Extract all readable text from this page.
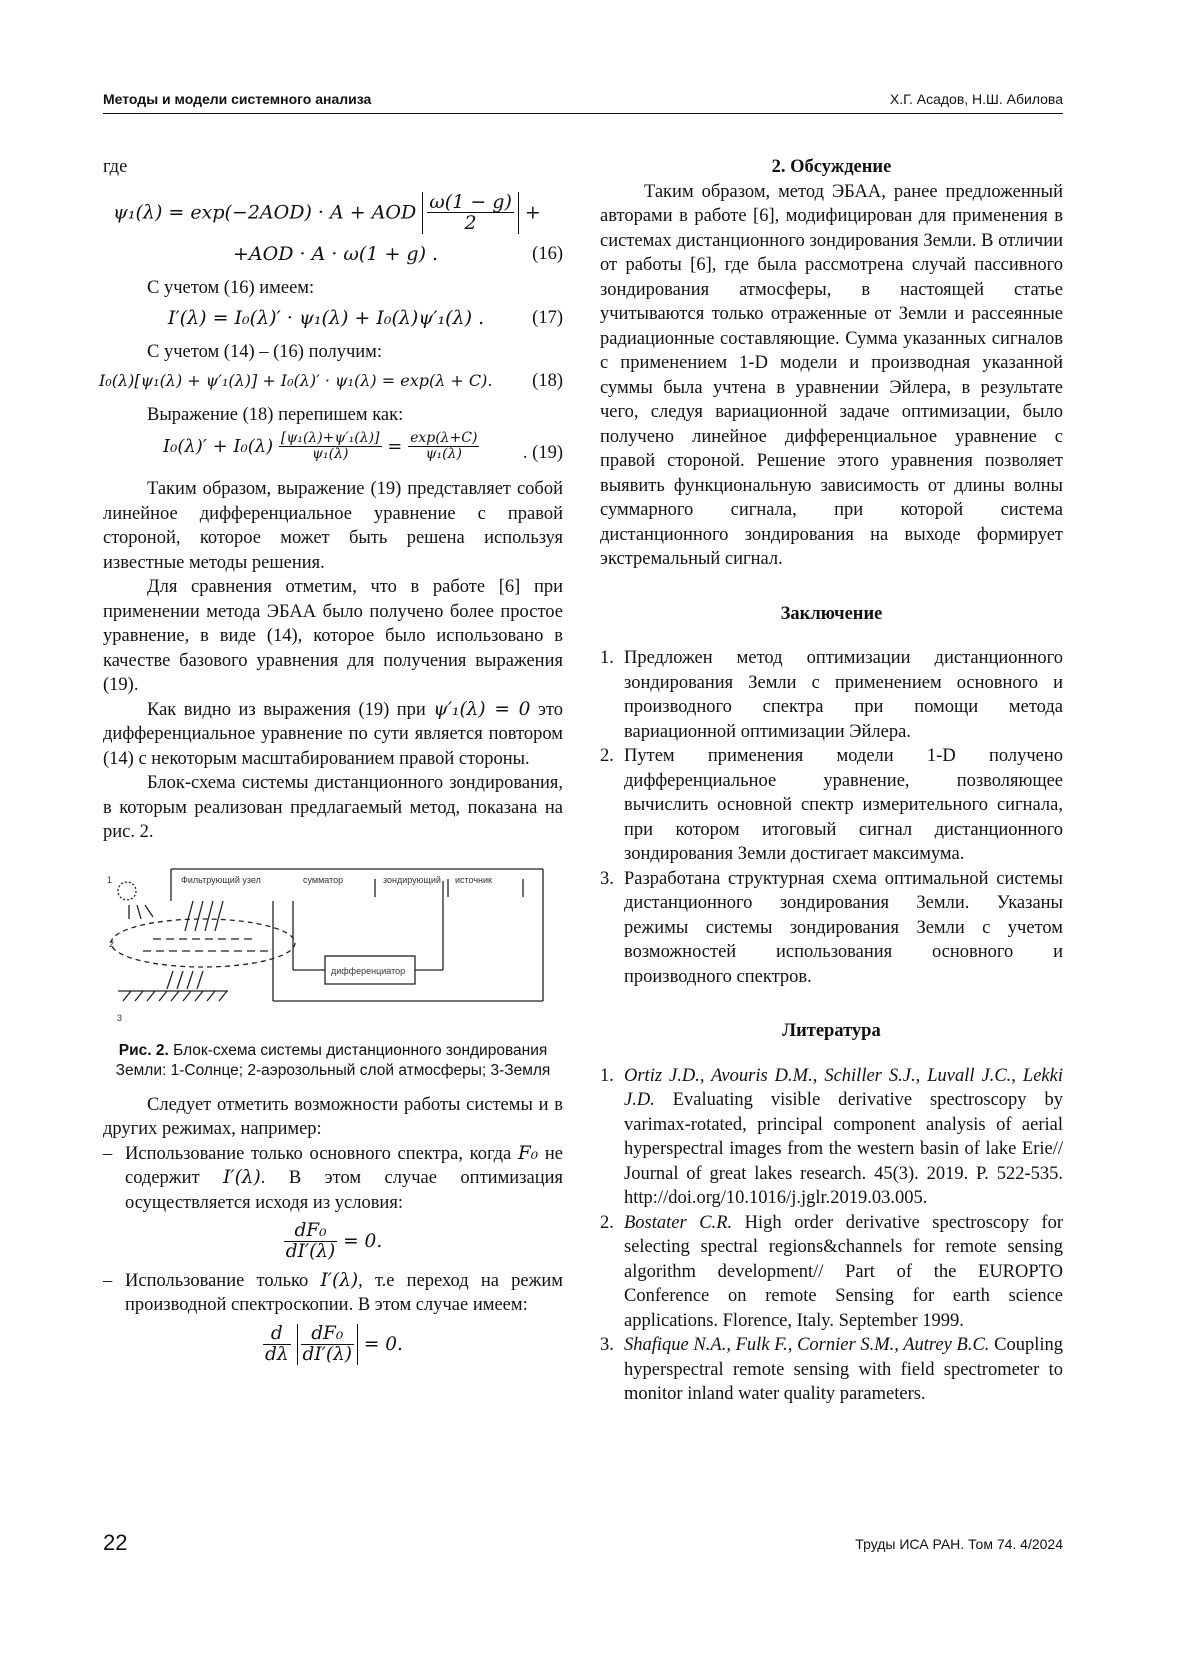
Методы и модели системного анализа	Х.Г. Асадов, Н.Ш. Абилова

где

ψ₁(λ) = exp(−2AOD) · A + AOD $\frac{\omega(1 - g)}{2}$ +
+AOD · A · ω(1 + g) .	(16)

С учетом (16) имеем:

I′(λ) = I₀(λ)′ · ψ₁(λ) + I₀(λ)ψ′₁(λ) .	(17)

С учетом (14) – (16) получим:

I₀(λ)[ψ₁(λ) + ψ′₁(λ)] + I₀(λ)′ · ψ₁(λ) = exp(λ + C).	(18)

Выражение (18) перепишем как:

$I_0(\lambda)' + I_0(\lambda) \frac{\text{[ψ₁(λ)+ψ′₁(λ)]}}{\text{ψ₁(λ)}} = \frac{\exp(\lambda+C)}{\text{ψ₁(λ)}}$ . (19)

Таким образом, выражение (19) представляет собой линейное дифференциальное уравнение с правой стороной, которое может быть решена используя известные методы решения.

Для сравнения отметим, что в работе [6] при применении метода ЭБАА было получено более простое уравнение, в виде (14), которое было использовано в качестве базового уравнения для получения выражения (19).

Как видно из выражения (19) при ψ′₁(λ) = 0 это дифференциальное уравнение по сути является повтором (14) с некоторым масштабированием правой стороны.

Блок-схема системы дистанционного зондирования, в которым реализован предлагаемый метод, показана на рис. 2.

Фильтрующий узел	сумматор	зондирующий источник
дифференциатор
1
2
3
Рис. 2. Блок-схема системы дистанционного зондирования Земли: 1-Солнце; 2-аэрозольный слой атмосферы; 3-Земля

Следует отметить возможности работы системы и в других режимах, например:

– Использование только основного спектра, когда F₀ не содержит I′(λ). В этом случае оптимизация осуществляется исходя из условия:
$\frac{\text{dF₀}}{dI'(\lambda)} = 0$.
– Использование только I′(λ), т.е переход на режим производной спектроскопии. В этом случае имеем:
$\frac{d}{d\lambda}$
$\frac{\text{dF₀}}{dI'(\lambda)} = 0$.

2. Обсуждение

Таким образом, метод ЭБАА, ранее предложенный авторами в работе [6], модифицирован для применения в системах дистанционного зондирования Земли. В отличии от работы [6], где была рассмотрена случай пассивного зондирования атмосферы, в настоящей статье учитываются только отраженные от Земли и рассеянные радиационные составляющие. Сумма указанных сигналов с применением 1-D модели и производная указанной суммы была учтена в уравнении Эйлера, в результате чего, следуя вариационной задаче оптимизации, было получено линейное дифференциальное уравнение с правой стороной. Решение этого уравнения позволяет выявить функциональную зависимость от длины волны суммарного сигнала, при которой система дистанционного зондирования на выходе формирует экстремальный сигнал.

Заключение

1. Предложен метод оптимизации дистанционного зондирования Земли с применением основного и производного спектра при помощи метода вариационной оптимизации Эйлера.
2. Путем применения модели 1-D получено дифференциальное уравнение, позволяющее вычислить основной спектр измерительного сигнала, при котором итоговый сигнал дистанционного зондирования Земли достигает максимума.
3. Разработана структурная схема оптимальной системы дистанционного зондирования Земли. Указаны режимы системы зондирования Земли с учетом возможностей использования основного и производного спектров.

Литература

1. Ortiz J.D., Avouris D.M., Schiller S.J., Luvall J.C., Lekki J.D. Evaluating visible derivative spectroscopy by varimax-rotated, principal component analysis of aerial hyperspectral images from the western basin of lake Erie// Journal of great lakes research. 45(3). 2019. P. 522-535. http://doi.org/10.1016/j.jglr.2019.03.005.
2. Bostater C.R. High order derivative spectroscopy for selecting spectral regions&channels for remote sensing algorithm development// Part of the EUROPTO Conference on remote Sensing for earth science applications. Florence, Italy. September 1999.
3. Shafique N.A., Fulk F., Cornier S.M., Autrey B.C. Coupling hyperspectral remote sensing with field spectrometer to monitor inland water quality parameters.
22	Труды ИСА РАН. Том 74. 4/2024
